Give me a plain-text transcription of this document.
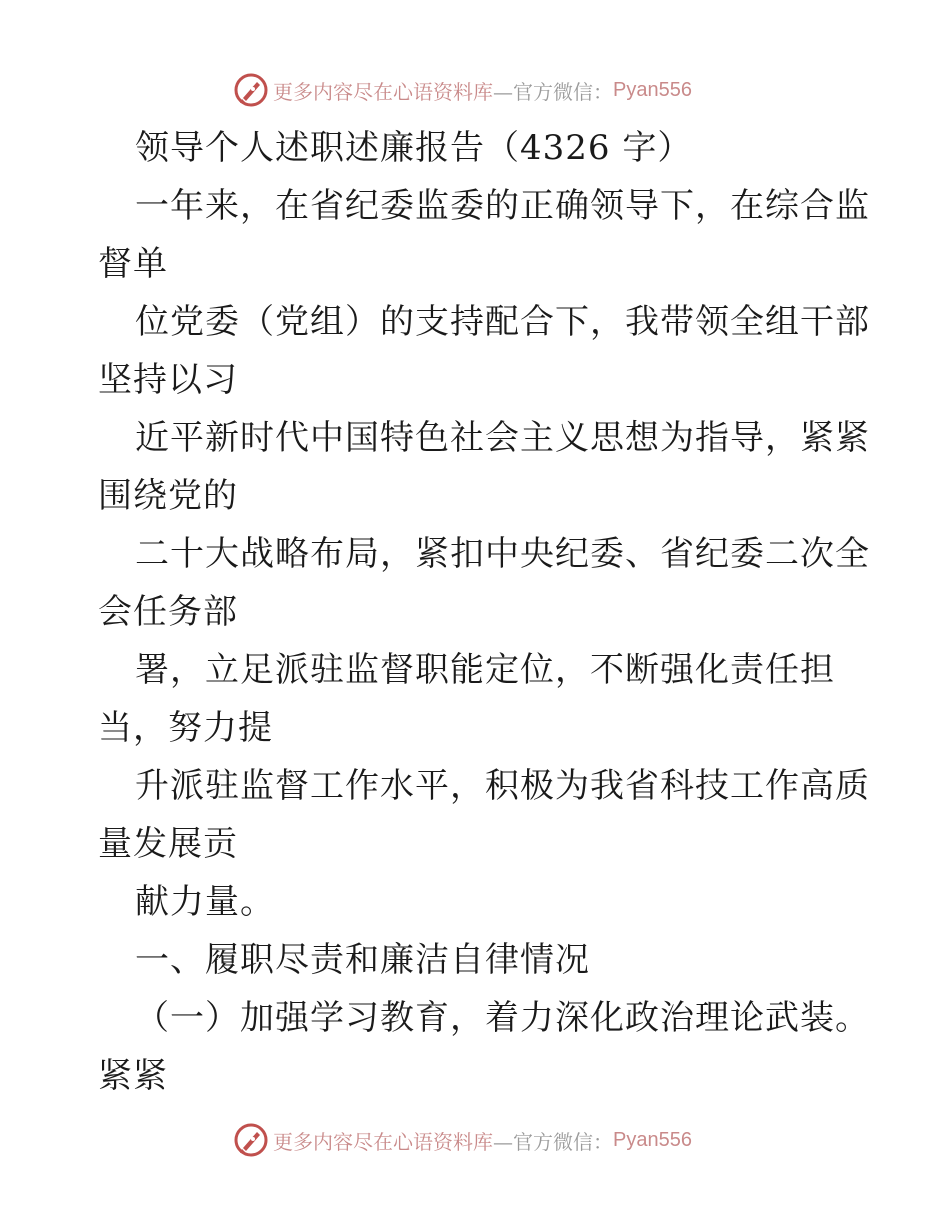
更多内容尽在心语资料库 —官方微信： Pyan556
领导个人述职述廉报告（4326 字）
一年来，在省纪委监委的正确领导下，在综合监
督单
位党委（党组）的支持配合下，我带领全组干部
坚持以习
近平新时代中国特色社会主义思想为指导，紧紧
围绕党的
二十大战略布局，紧扣中央纪委、省纪委二次全
会任务部
署，立足派驻监督职能定位，不断强化责任担
当，努力提
升派驻监督工作水平，积极为我省科技工作高质
量发展贡
献力量。
一、履职尽责和廉洁自律情况
（一）加强学习教育，着力深化政治理论武装。
紧紧
更多内容尽在心语资料库 —官方微信： Pyan556
